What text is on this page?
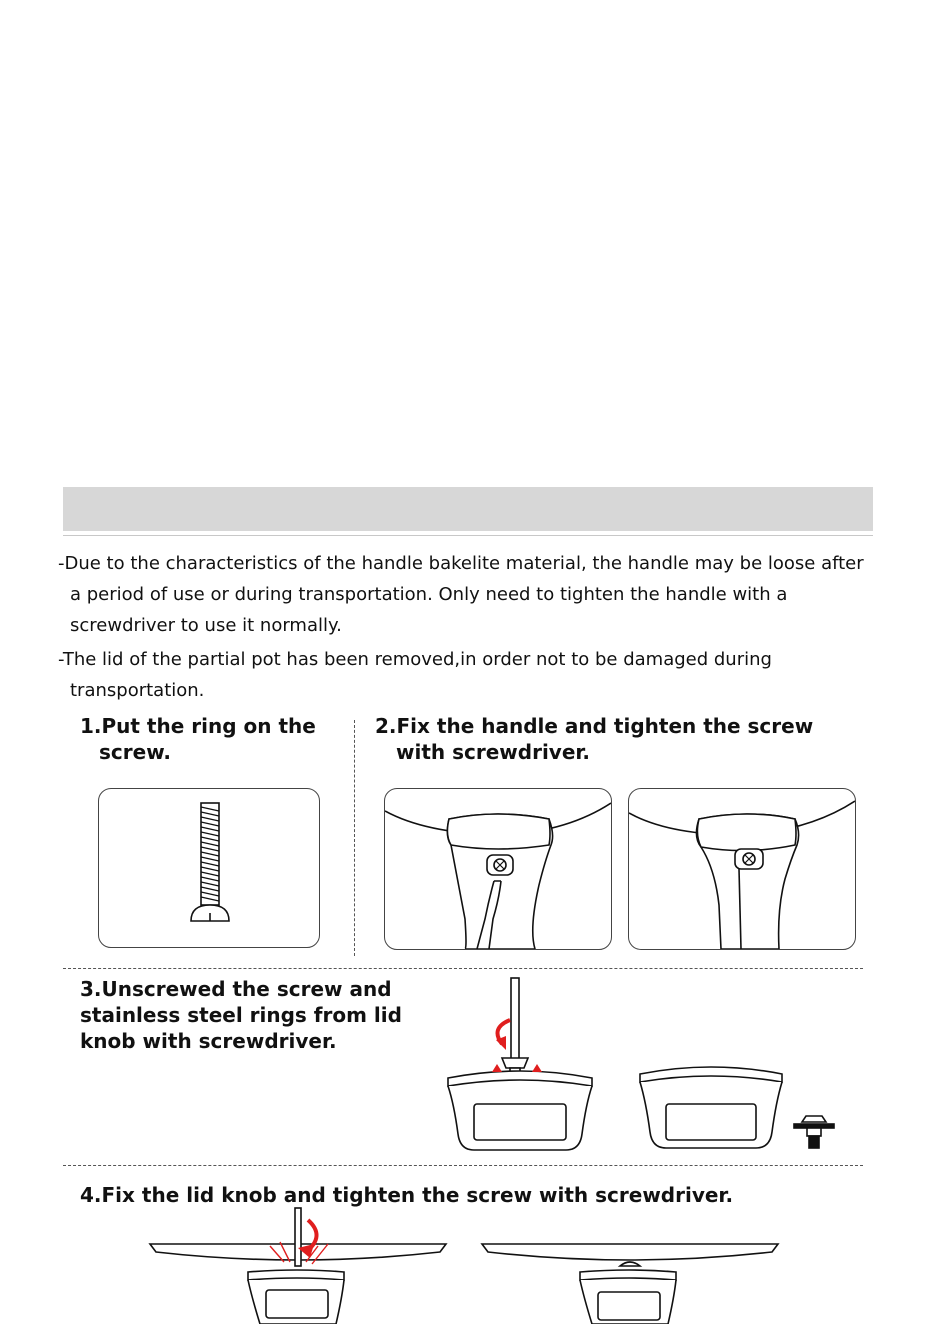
-Due to the characteristics of the handle bakelite material, the handle may be loose after a period of use or during transportation. Only need to tighten the handle with a screwdriver to use it normally.

-The lid of the partial pot has been removed,in order not to be damaged during transportation.

1.Put the ring on the
screw.
2.Fix the handle and tighten the screw
with screwdriver.
3.Unscrewed the screw and
stainless steel rings from lid
knob with screwdriver.
4.Fix the lid knob and tighten the screw with screwdriver.
